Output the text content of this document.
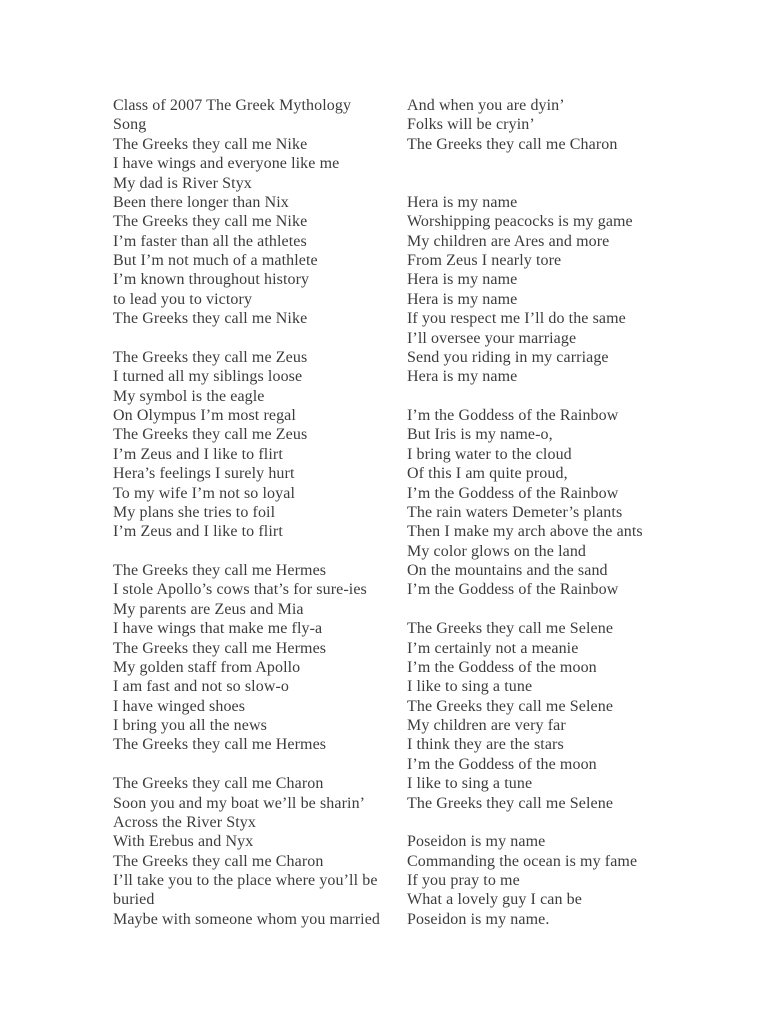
Class of 2007 The Greek Mythology
Song
The Greeks they call me Nike
I have wings and everyone like me
My dad is River Styx
Been there longer than Nix
The Greeks they call me Nike
I’m faster than all the athletes
But I’m not much of a mathlete
I’m known throughout history
to lead you to victory
The Greeks they call me Nike
The Greeks they call me Zeus
I turned all my siblings loose
My symbol is the eagle
On Olympus I’m most regal
The Greeks they call me Zeus
I’m Zeus and I like to flirt
Hera’s feelings I surely hurt
To my wife I’m not so loyal
My plans she tries to foil
I’m Zeus and I like to flirt
The Greeks they call me Hermes
I stole Apollo’s cows that’s for sure-ies
My parents are Zeus and Mia
I have wings that make me fly-a
The Greeks they call me Hermes
My golden staff from Apollo
I am fast and not so slow-o
I have winged shoes
I bring you all the news
The Greeks they call me Hermes
The Greeks they call me Charon
Soon you and my boat we’ll be sharin’
Across the River Styx
With Erebus and Nyx
The Greeks they call me Charon
I’ll take you to the place where you’ll be
buried
Maybe with someone whom you married
And when you are dyin’
Folks will be cryin’
The Greeks they call me Charon
Hera is my name
Worshipping peacocks is my game
My children are Ares and more
From Zeus I nearly tore
Hera is my name
Hera is my name
If you respect me I’ll do the same
I’ll oversee your marriage
Send you riding in my carriage
Hera is my name
I’m the Goddess of the Rainbow
But Iris is my name-o,
I bring water to the cloud
Of this I am quite proud,
I’m the Goddess of the Rainbow
The rain waters Demeter’s plants
Then I make my arch above the ants
My color glows on the land
On the mountains and the sand
I’m the Goddess of the Rainbow
The Greeks they call me Selene
I’m certainly not a meanie
I’m the Goddess of the moon
I like to sing a tune
The Greeks they call me Selene
My children are very far
I think they are the stars
I’m the Goddess of the moon
I like to sing a tune
The Greeks they call me Selene
Poseidon is my name
Commanding the ocean is my fame
If you pray to me
What a lovely guy I can be
Poseidon is my name.
